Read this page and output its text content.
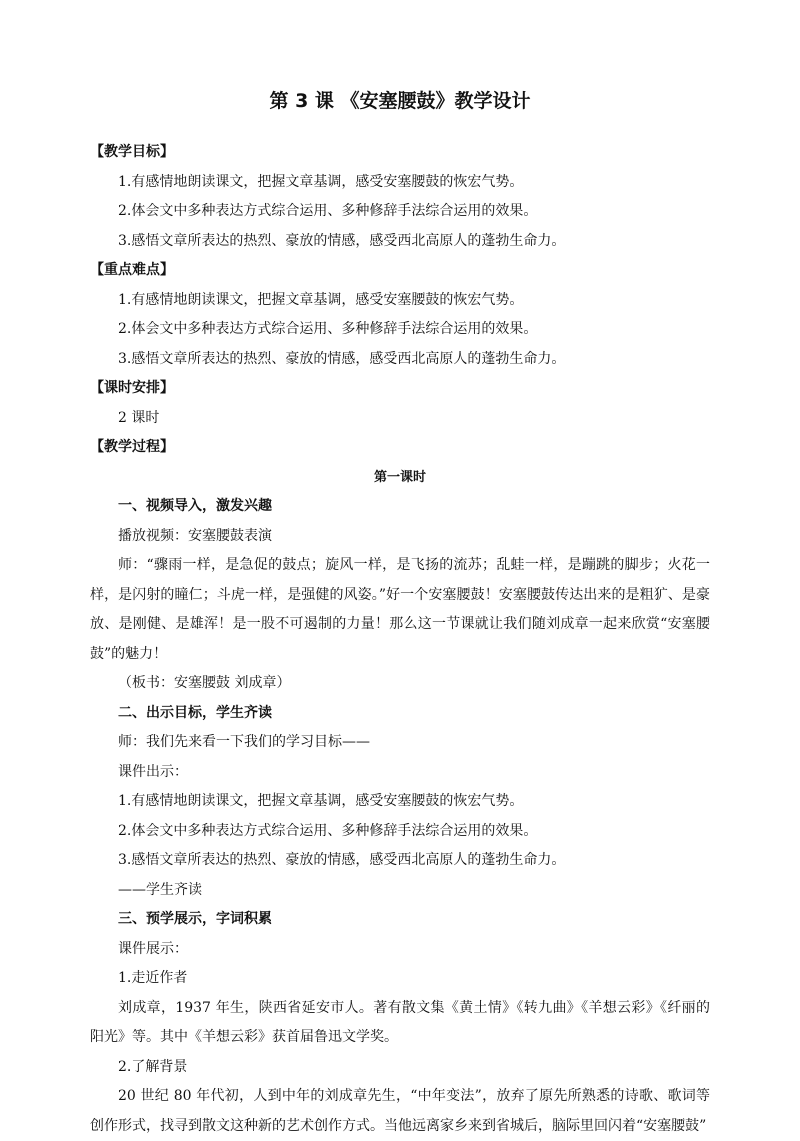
第 3 课 《安塞腰鼓》教学设计

【教学目标】

1.有感情地朗读课文，把握文章基调，感受安塞腰鼓的恢宏气势。

2.体会文中多种表达方式综合运用、多种修辞手法综合运用的效果。

3.感悟文章所表达的热烈、豪放的情感，感受西北高原人的蓬勃生命力。

【重点难点】

1.有感情地朗读课文，把握文章基调，感受安塞腰鼓的恢宏气势。

2.体会文中多种表达方式综合运用、多种修辞手法综合运用的效果。

3.感悟文章所表达的热烈、豪放的情感，感受西北高原人的蓬勃生命力。

【课时安排】

2 课时

【教学过程】

第一课时

一、视频导入，激发兴趣

播放视频：安塞腰鼓表演

师：“骤雨一样，是急促的鼓点；旋风一样，是飞扬的流苏；乱蛙一样，是蹦跳的脚步；火花一样，是闪射的瞳仁；斗虎一样，是强健的风姿。”好一个安塞腰鼓！安塞腰鼓传达出来的是粗犷、是豪放、是刚健、是雄浑！是一股不可遏制的力量！那么这一节课就让我们随刘成章一起来欣赏“安塞腰鼓”的魅力！

（板书：安塞腰鼓 刘成章）

二、出示目标，学生齐读

师：我们先来看一下我们的学习目标——

课件出示：

1.有感情地朗读课文，把握文章基调，感受安塞腰鼓的恢宏气势。

2.体会文中多种表达方式综合运用、多种修辞手法综合运用的效果。

3.感悟文章所表达的热烈、豪放的情感，感受西北高原人的蓬勃生命力。

——学生齐读

三、预学展示，字词积累

课件展示：

1.走近作者

刘成章，1937 年生，陕西省延安市人。著有散文集《黄土情》《转九曲》《羊想云彩》《纤丽的阳光》等。其中《羊想云彩》获首届鲁迅文学奖。

2.了解背景

20 世纪 80 年代初，人到中年的刘成章先生，“中年变法”，放弃了原先所熟悉的诗歌、歌词等创作形式，找寻到散文这种新的艺术创作方式。当他远离家乡来到省城后，脑际里回闪着“安塞腰鼓”
